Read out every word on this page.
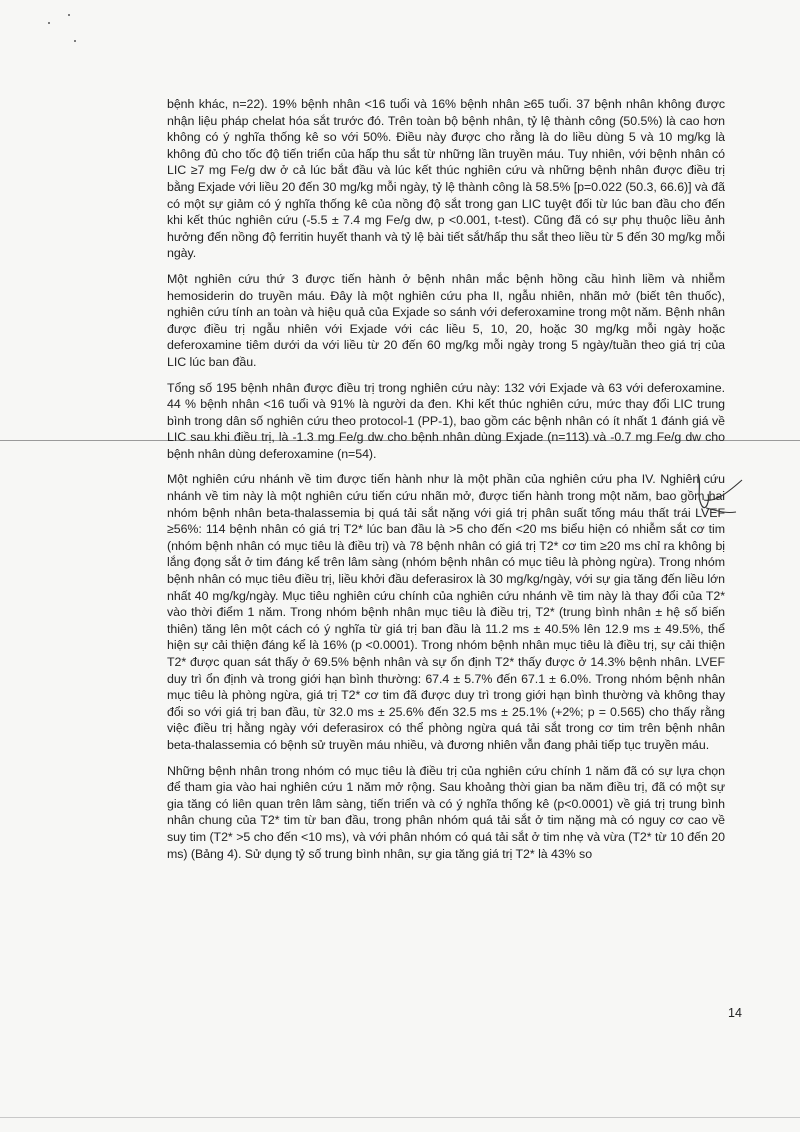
bệnh khác, n=22). 19% bệnh nhân <16 tuổi và 16% bệnh nhân ≥65 tuổi. 37 bệnh nhân không được nhận liệu pháp chelat hóa sắt trước đó. Trên toàn bộ bệnh nhân, tỷ lệ thành công (50.5%) là cao hơn không có ý nghĩa thống kê so với 50%. Điều này được cho rằng là do liều dùng 5 và 10 mg/kg là không đủ cho tốc độ tiến triển của hấp thu sắt từ những lần truyền máu. Tuy nhiên, với bệnh nhân có LIC ≥7 mg Fe/g dw ở cả lúc bắt đầu và lúc kết thúc nghiên cứu và những bệnh nhân được điều trị bằng Exjade với liều 20 đến 30 mg/kg mỗi ngày, tỷ lệ thành công là 58.5% [p=0.022 (50.3, 66.6)] và đã có một sự giảm có ý nghĩa thống kê của nồng độ sắt trong gan LIC tuyệt đối từ lúc ban đầu cho đến khi kết thúc nghiên cứu (-5.5 ± 7.4 mg Fe/g dw, p <0.001, t-test). Cũng đã có sự phụ thuộc liều ảnh hưởng đến nồng độ ferritin huyết thanh và tỷ lệ bài tiết sắt/hấp thu sắt theo liều từ 5 đến 30 mg/kg mỗi ngày.

Một nghiên cứu thứ 3 được tiến hành ở bệnh nhân mắc bệnh hồng cầu hình liềm và nhiễm hemosiderin do truyền máu. Đây là một nghiên cứu pha II, ngẫu nhiên, nhãn mở (biết tên thuốc), nghiên cứu tính an toàn và hiệu quả của Exjade so sánh với deferoxamine trong một năm. Bệnh nhân được điều trị ngẫu nhiên với Exjade với các liều 5, 10, 20, hoặc 30 mg/kg mỗi ngày hoặc deferoxamine tiêm dưới da với liều từ 20 đến 60 mg/kg mỗi ngày trong 5 ngày/tuần theo giá trị của LIC lúc ban đầu.

Tổng số 195 bệnh nhân được điều trị trong nghiên cứu này: 132 với Exjade và 63 với deferoxamine. 44 % bệnh nhân <16 tuổi và 91% là người da đen. Khi kết thúc nghiên cứu, mức thay đổi LIC trung bình trong dân số nghiên cứu theo protocol-1 (PP-1), bao gồm các bệnh nhân có ít nhất 1 đánh giá về LIC sau khi điều trị, là -1.3 mg Fe/g dw cho bệnh nhân dùng Exjade (n=113) và -0.7 mg Fe/g dw cho bệnh nhân dùng deferoxamine (n=54).

Một nghiên cứu nhánh về tim được tiến hành như là một phần của nghiên cứu pha IV. Nghiên cứu nhánh về tim này là một nghiên cứu tiến cứu nhãn mở, được tiến hành trong một năm, bao gồm hai nhóm bệnh nhân beta-thalassemia bị quá tải sắt nặng với giá trị phân suất tống máu thất trái LVEF ≥56%: 114 bệnh nhân có giá trị T2* lúc ban đầu là >5 cho đến <20 ms biểu hiện có nhiễm sắt cơ tim (nhóm bệnh nhân có mục tiêu là điều trị) và 78 bệnh nhân có giá trị T2* cơ tim ≥20 ms chỉ ra không bị lắng đọng sắt ở tim đáng kể trên lâm sàng (nhóm bệnh nhân có mục tiêu là phòng ngừa). Trong nhóm bệnh nhân có mục tiêu điều trị, liều khởi đầu deferasirox là 30 mg/kg/ngày, với sự gia tăng đến liều lớn nhất 40 mg/kg/ngày. Mục tiêu nghiên cứu chính của nghiên cứu nhánh về tim này là thay đổi của T2* vào thời điểm 1 năm. Trong nhóm bệnh nhân mục tiêu là điều trị, T2* (trung bình nhân ± hệ số biến thiên) tăng lên một cách có ý nghĩa từ giá trị ban đầu là 11.2 ms ± 40.5% lên 12.9 ms ± 49.5%, thể hiện sự cải thiện đáng kể là 16% (p <0.0001). Trong nhóm bệnh nhân mục tiêu là điều trị, sự cải thiện T2* được quan sát thấy ở 69.5% bệnh nhân và sự ổn định T2* thấy được ở 14.3% bệnh nhân. LVEF duy trì ổn định và trong giới hạn bình thường: 67.4 ± 5.7% đến 67.1 ± 6.0%. Trong nhóm bệnh nhân mục tiêu là phòng ngừa, giá trị T2* cơ tim đã được duy trì trong giới hạn bình thường và không thay đổi so với giá trị ban đầu, từ 32.0 ms ± 25.6% đến 32.5 ms ± 25.1% (+2%; p = 0.565) cho thấy rằng việc điều trị hằng ngày với deferasirox có thể phòng ngừa quá tải sắt trong cơ tim trên bệnh nhân beta-thalassemia có bệnh sử truyền máu nhiều, và đương nhiên vẫn đang phải tiếp tục truyền máu.

Những bệnh nhân trong nhóm có mục tiêu là điều trị của nghiên cứu chính 1 năm đã có sự lựa chọn để tham gia vào hai nghiên cứu 1 năm mở rộng. Sau khoảng thời gian ba năm điều trị, đã có một sự gia tăng có liên quan trên lâm sàng, tiến triển và có ý nghĩa thống kê (p<0.0001) về giá trị trung bình nhân chung của T2* tim từ ban đầu, trong phân nhóm quá tải sắt ở tim nặng mà có nguy cơ cao về suy tim (T2* >5 cho đến <10 ms), và với phân nhóm có quá tải sắt ở tim nhẹ và vừa (T2* từ 10 đến 20 ms) (Bảng 4). Sử dụng tỷ số trung bình nhân, sự gia tăng giá trị T2* là 43% so

14
